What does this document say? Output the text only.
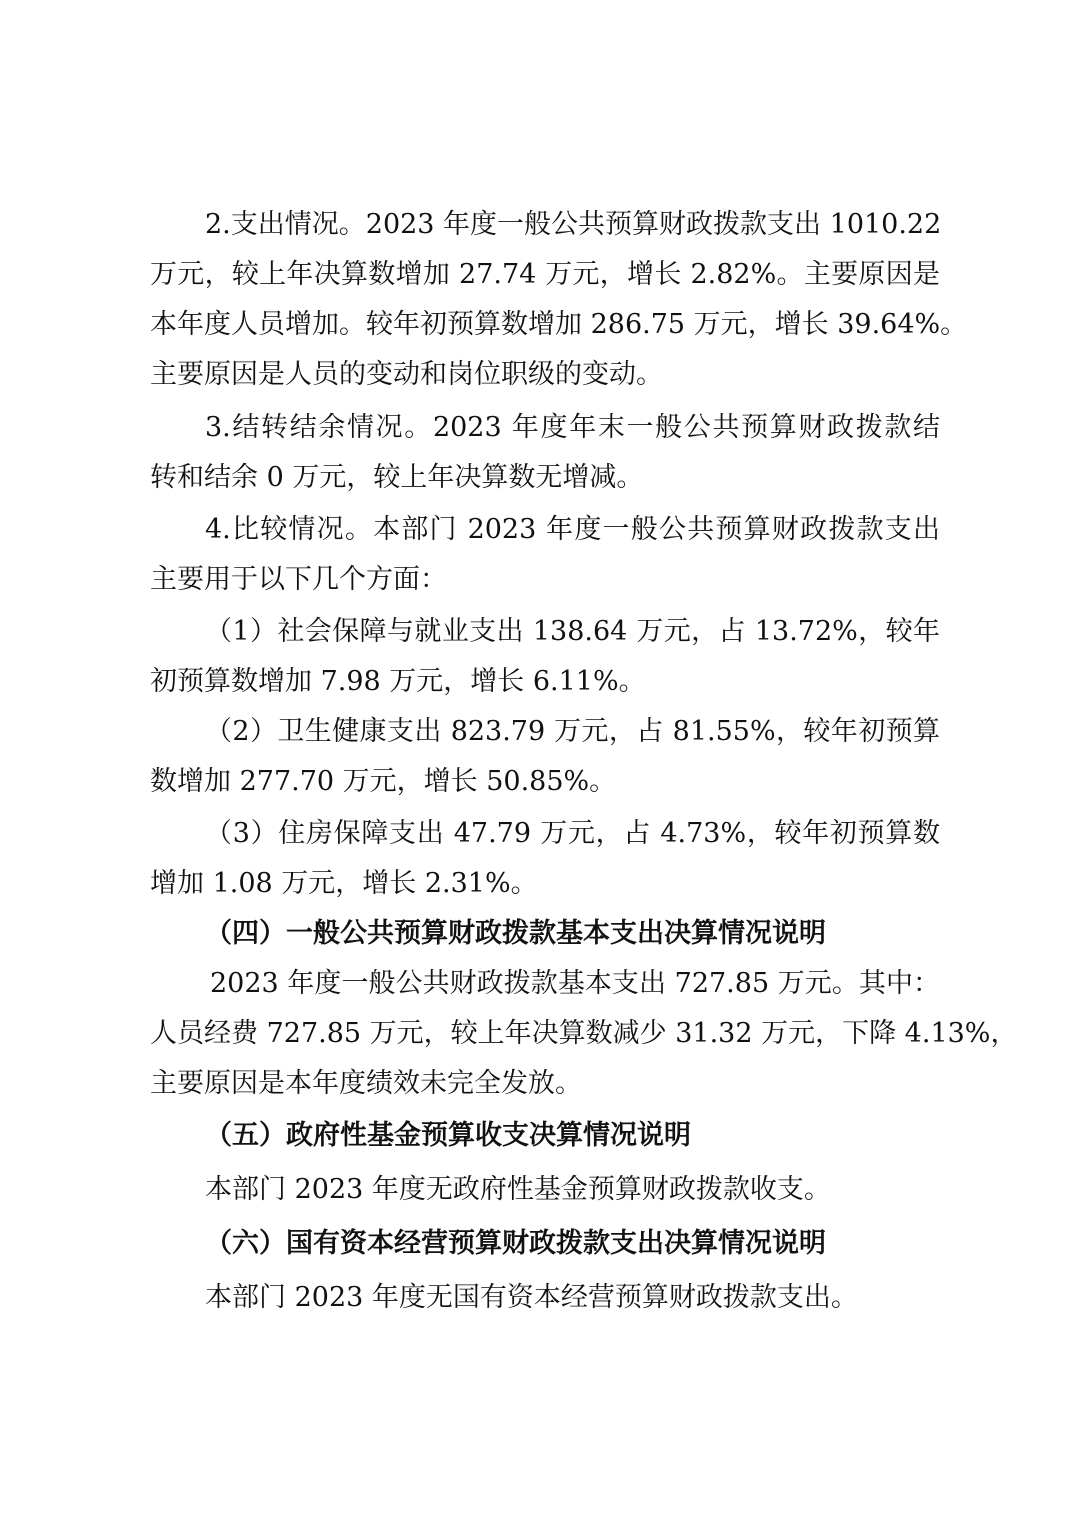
2.支出情况。2023 年度一般公共预算财政拨款支出 1010.22
万元，较上年决算数增加 27.74 万元，增长 2.82%。主要原因是
本年度人员增加。较年初预算数增加 286.75 万元，增长 39.64%。
主要原因是人员的变动和岗位职级的变动。
3.结转结余情况。2023 年度年末一般公共预算财政拨款结
转和结余 0 万元，较上年决算数无增减。
4.比较情况。本部门 2023 年度一般公共预算财政拨款支出
主要用于以下几个方面：
（1）社会保障与就业支出 138.64 万元，占 13.72%，较年
初预算数增加 7.98 万元，增长 6.11%。
（2）卫生健康支出 823.79 万元，占 81.55%，较年初预算
数增加 277.70 万元，增长 50.85%。
（3）住房保障支出 47.79 万元，占 4.73%，较年初预算数
增加 1.08 万元，增长 2.31%。
（四）一般公共预算财政拨款基本支出决算情况说明
2023 年度一般公共财政拨款基本支出 727.85 万元。其中：
人员经费 727.85 万元，较上年决算数减少 31.32 万元，下降 4.13%，
主要原因是本年度绩效未完全发放。
（五）政府性基金预算收支决算情况说明
本部门 2023 年度无政府性基金预算财政拨款收支。
（六）国有资本经营预算财政拨款支出决算情况说明
本部门 2023 年度无国有资本经营预算财政拨款支出。
